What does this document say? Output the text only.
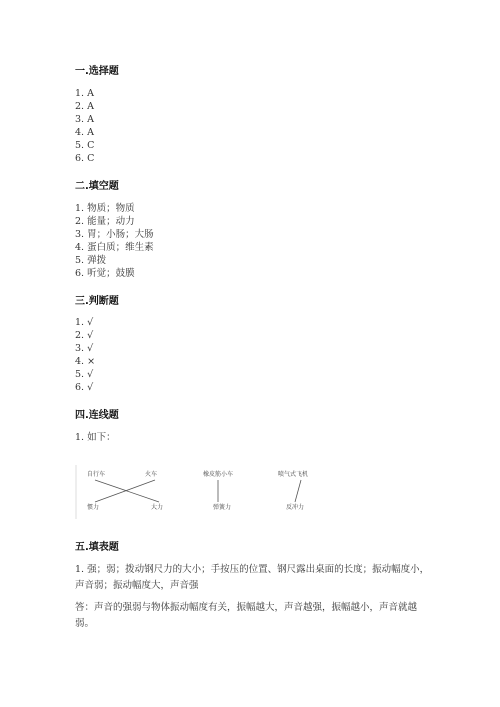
一.选择题
1. A
2. A
3. A
4. A
5. C
6. C
二.填空题
1. 物质；物质
2. 能量；动力
3. 胃；小肠；大肠
4. 蛋白质；维生素
5. 弹拨
6. 听觉；鼓膜
三.判断题
1. √
2. √
3. √
4. ×
5. √
6. √
四.连线题
1. 如下：
自行车	火车	橡皮筋小车	喷气式飞机
惯力	大力	弹簧力	反冲力
五.填表题
1. 强；弱；拨动钢尺力的大小；手按压的位置、钢尺露出桌面的长度；振动幅度小，声音弱；振动幅度大，声音强
答：声音的强弱与物体振动幅度有关，振幅越大，声音越强，振幅越小，声音就越弱。
